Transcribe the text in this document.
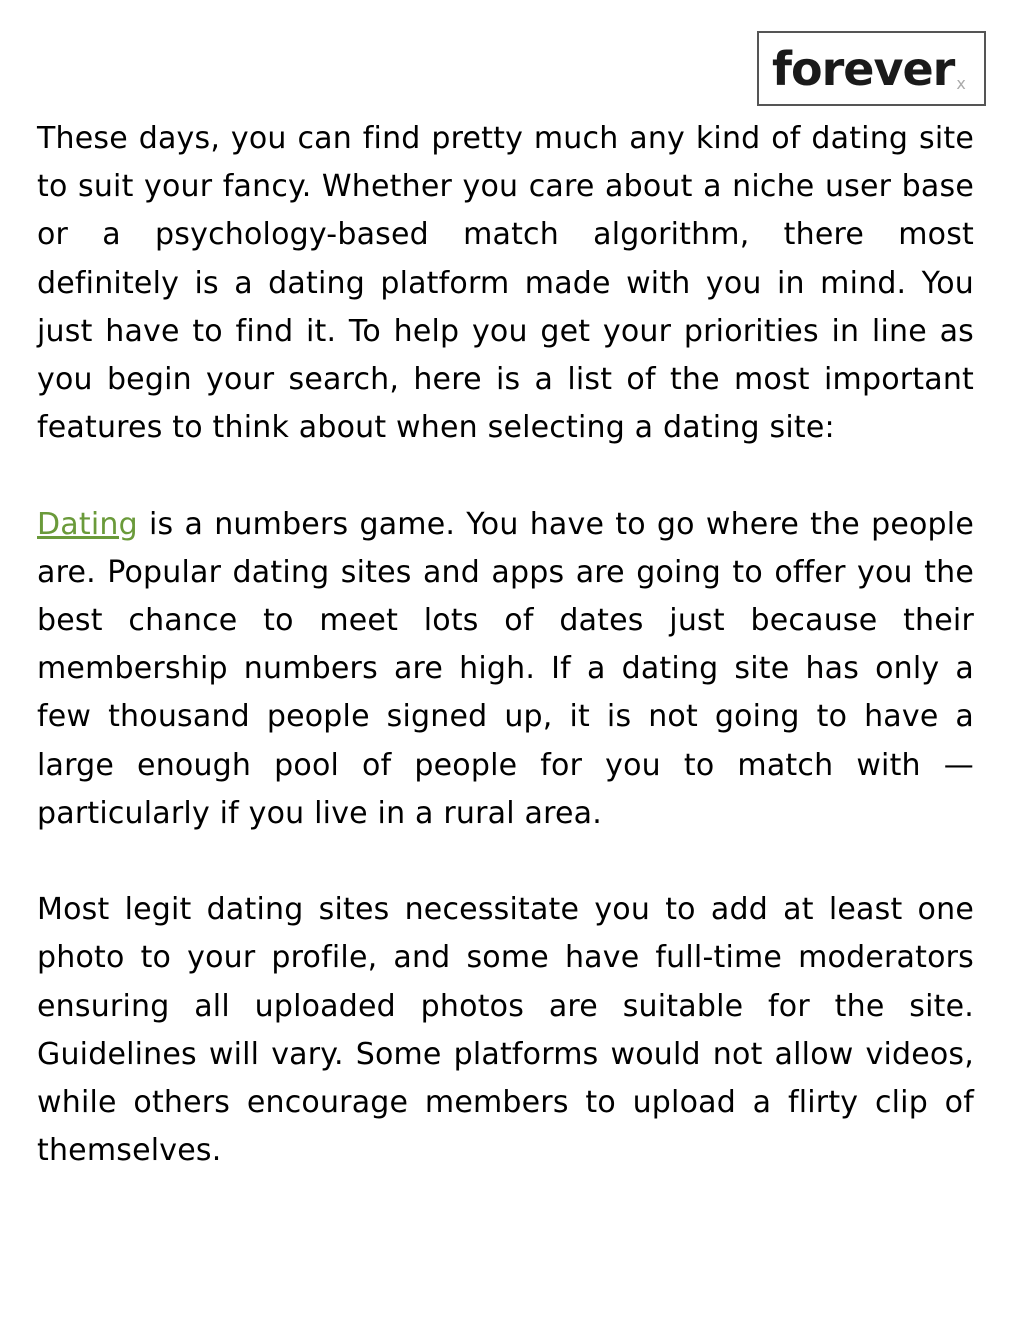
forever x

These days, you can find pretty much any kind of dating site to suit your fancy. Whether you care about a niche user base or a psychology-based match algorithm, there most definitely is a dating platform made with you in mind. You just have to find it. To help you get your priorities in line as you begin your search, here is a list of the most important features to think about when selecting a dating site:

Dating is a numbers game. You have to go where the people are. Popular dating sites and apps are going to offer you the best chance to meet lots of dates just because their membership numbers are high. If a dating site has only a few thousand people signed up, it is not going to have a large enough pool of people for you to match with — particularly if you live in a rural area.

Most legit dating sites necessitate you to add at least one photo to your profile, and some have full-time moderators ensuring all uploaded photos are suitable for the site. Guidelines will vary. Some platforms would not allow videos, while others encourage members to upload a flirty clip of themselves.
